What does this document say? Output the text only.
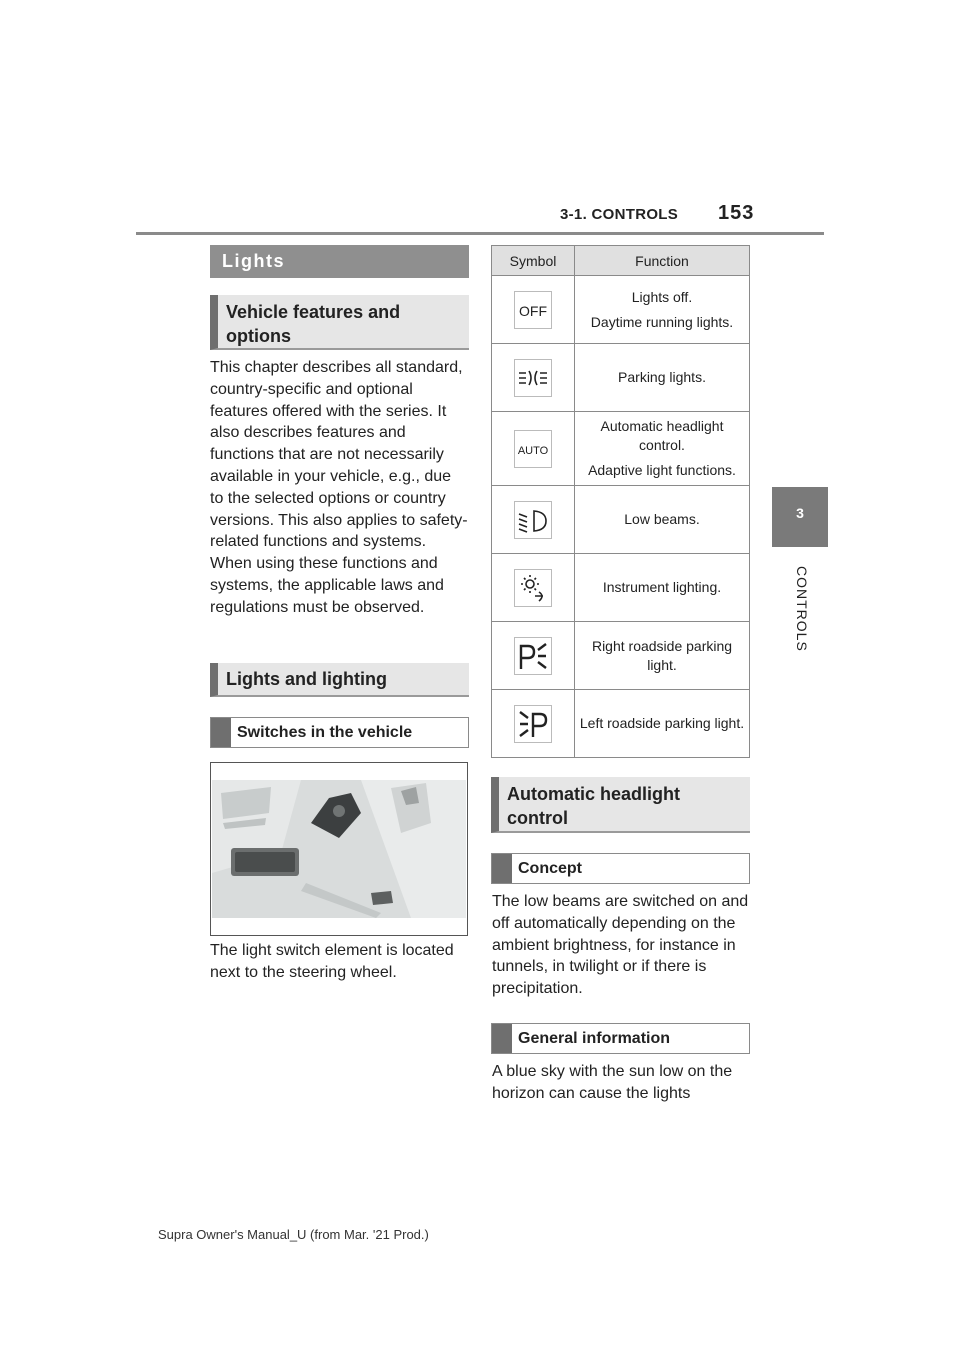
3-1. CONTROLS 153
3
CONTROLS
Lights
Vehicle features and options
This chapter describes all standard, country-specific and optional features offered with the series. It also describes features and functions that are not necessarily available in your vehicle, e.g., due to the selected options or country versions. This also applies to safety-related functions and systems. When using these functions and systems, the applicable laws and regulations must be observed.
Lights and lighting
Switches in the vehicle
The light switch element is located next to the steering wheel.
Symbol	Function

OFF	Lights off.
Daytime running lights.

Parking lights.

AUTO	Automatic headlight control.
Adaptive light functions.

Low beams.

Instrument lighting.

Right roadside parking light.

Left roadside parking light.
Automatic headlight control
Concept
The low beams are switched on and off automatically depending on the ambient brightness, for instance in tunnels, in twilight or if there is precipitation.
General information
A blue sky with the sun low on the horizon can cause the lights
Supra Owner's Manual_U (from Mar. '21 Prod.)
